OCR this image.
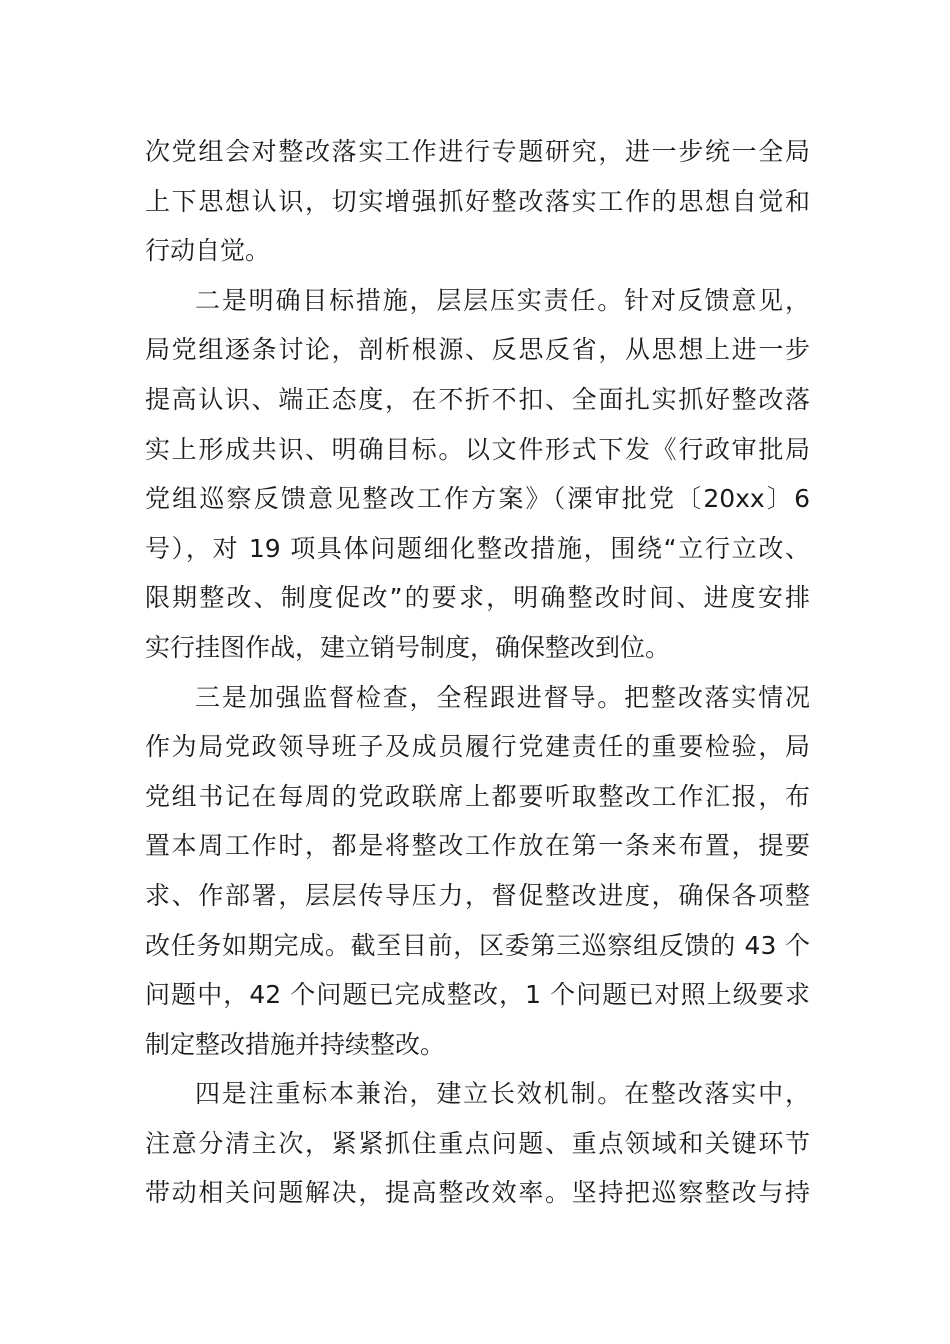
次党组会对整改落实工作进行专题研究，进一步统一全局
上下思想认识，切实增强抓好整改落实工作的思想自觉和
行动自觉。
二是明确目标措施，层层压实责任。针对反馈意见，
局党组逐条讨论，剖析根源、反思反省，从思想上进一步
提高认识、端正态度，在不折不扣、全面扎实抓好整改落
实上形成共识、明确目标。以文件形式下发《行政审批局
党组巡察反馈意见整改工作方案》（溧审批党〔20xx〕6
号），对 19 项具体问题细化整改措施，围绕“立行立改、
限期整改、制度促改”的要求，明确整改时间、进度安排
实行挂图作战，建立销号制度，确保整改到位。
三是加强监督检查，全程跟进督导。把整改落实情况
作为局党政领导班子及成员履行党建责任的重要检验，局
党组书记在每周的党政联席上都要听取整改工作汇报，布
置本周工作时，都是将整改工作放在第一条来布置，提要
求、作部署，层层传导压力，督促整改进度，确保各项整
改任务如期完成。截至目前，区委第三巡察组反馈的 43 个
问题中，42 个问题已完成整改，1 个问题已对照上级要求
制定整改措施并持续整改。
四是注重标本兼治，建立长效机制。在整改落实中，
注意分清主次，紧紧抓住重点问题、重点领域和关键环节
带动相关问题解决，提高整改效率。坚持把巡察整改与持
